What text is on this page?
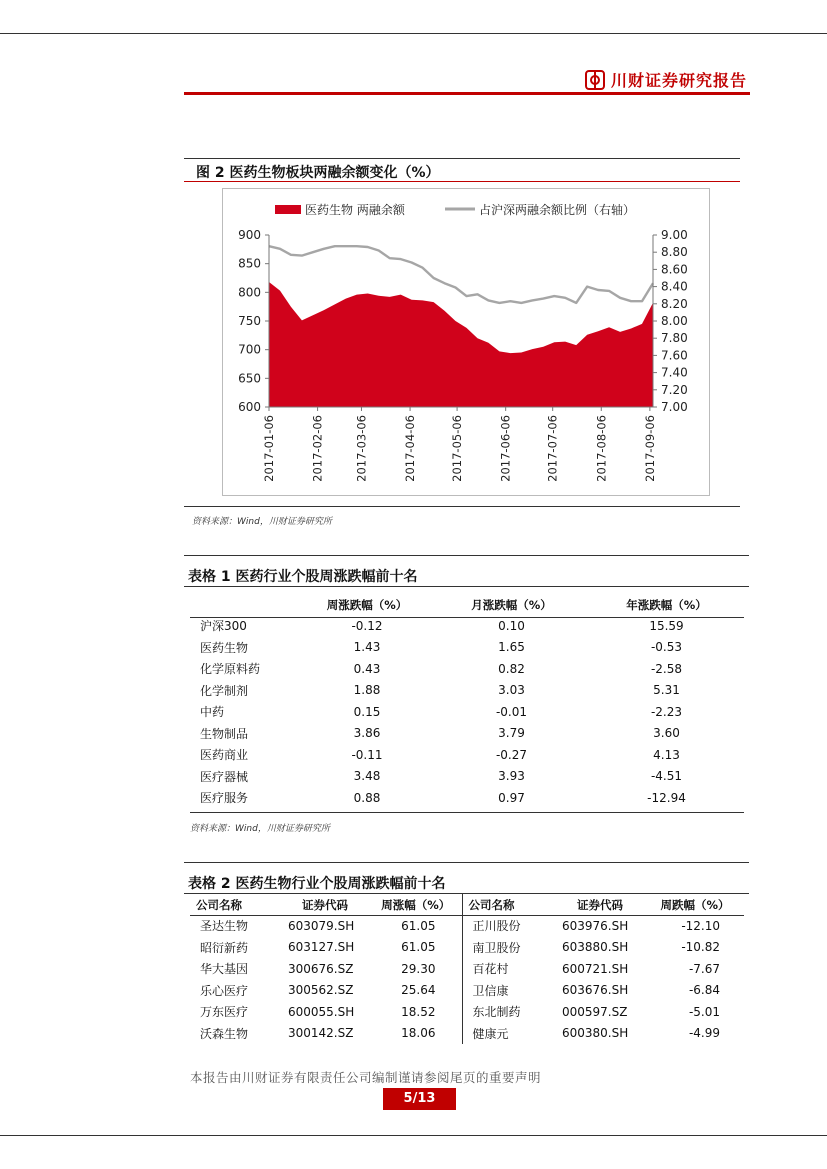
川财证券研究报告
图 2 医药生物板块两融余额变化（%）
900
850
800
750
700
650
600
9.00
8.80
8.60
8.40
8.20
8.00
7.80
7.60
7.40
7.20
7.00
2017-01-06	2017-02-06	2017-03-06	2017-04-06	2017-05-06	2017-06-06	2017-07-06	2017-08-06	2017-09-06
医药生物 两融余额	占沪深两融余额比例（右轴）
资料来源：Wind，川财证券研究所
表格 1 医药行业个股周涨跌幅前十名
	周涨跌幅（%）	月涨跌幅（%）	年涨跌幅（%）
沪深300	-0.12	0.10	15.59
医药生物	1.43	1.65	-0.53
化学原料药	0.43	0.82	-2.58
化学制剂	1.88	3.03	5.31
中药	0.15	-0.01	-2.23
生物制品	3.86	3.79	3.60
医药商业	-0.11	-0.27	4.13
医疗器械	3.48	3.93	-4.51
医疗服务	0.88	0.97	-12.94
资料来源：Wind，川财证券研究所
表格 2 医药生物行业个股周涨跌幅前十名
公司名称	证券代码	周涨幅（%）	公司名称	证券代码	周跌幅（%）
圣达生物	603079.SH	61.05	正川股份	603976.SH	-12.10
昭衍新药	603127.SH	61.05	南卫股份	603880.SH	-10.82
华大基因	300676.SZ	29.30	百花村	600721.SH	-7.67
乐心医疗	300562.SZ	25.64	卫信康	603676.SH	-6.84
万东医疗	600055.SH	18.52	东北制药	000597.SZ	-5.01
沃森生物	300142.SZ	18.06	健康元	600380.SH	-4.99
本报告由川财证券有限责任公司编制谨请参阅尾页的重要声明
5/13
